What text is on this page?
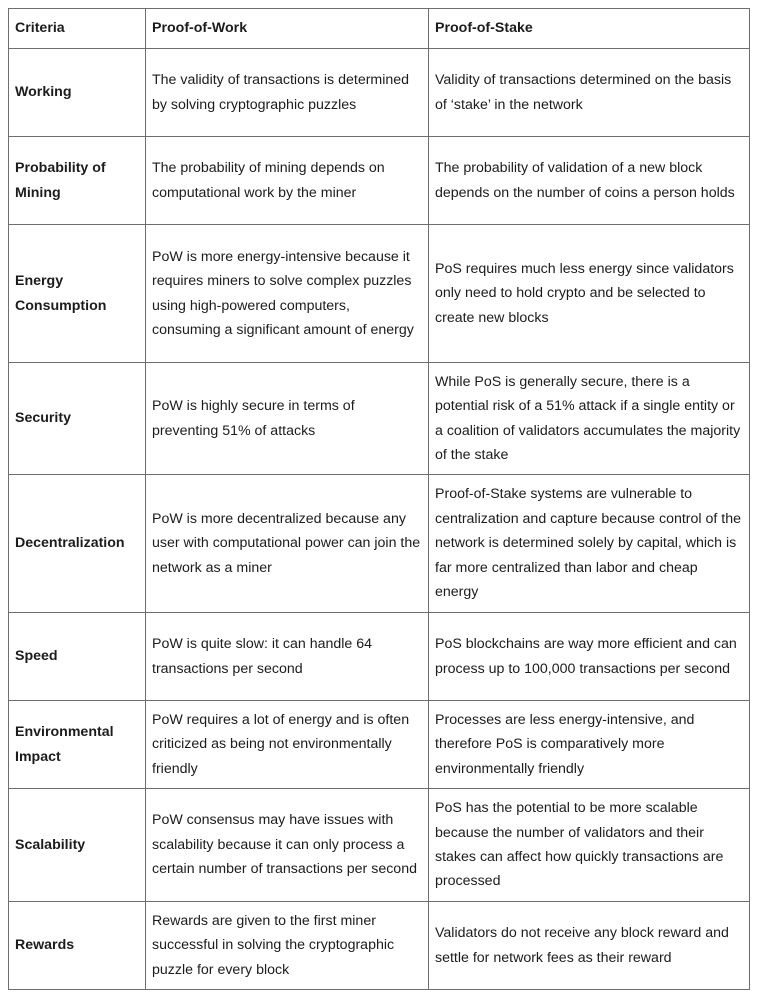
Criteria	Proof-of-Work	Proof-of-Stake
Working	The validity of transactions is determined by solving cryptographic puzzles	Validity of transactions determined on the basis of ‘stake’ in the network
Probability of Mining	The probability of mining depends on computational work by the miner	The probability of validation of a new block depends on the number of coins a person holds
Energy Consumption	PoW is more energy-intensive because it requires miners to solve complex puzzles using high-powered computers, consuming a significant amount of energy	PoS requires much less energy since validators only need to hold crypto and be selected to create new blocks
Security	PoW is highly secure in terms of preventing 51% of attacks	While PoS is generally secure, there is a potential risk of a 51% attack if a single entity or a coalition of validators accumulates the majority of the stake
Decentralization	PoW is more decentralized because any user with computational power can join the network as a miner	Proof-of-Stake systems are vulnerable to centralization and capture because control of the network is determined solely by capital, which is far more centralized than labor and cheap energy
Speed	PoW is quite slow: it can handle 64 transactions per second	PoS blockchains are way more efficient and can process up to 100,000 transactions per second
Environmental Impact	PoW requires a lot of energy and is often criticized as being not environmentally friendly	Processes are less energy-intensive, and therefore PoS is comparatively more environmentally friendly
Scalability	PoW consensus may have issues with scalability because it can only process a certain number of transactions per second	PoS has the potential to be more scalable because the number of validators and their stakes can affect how quickly transactions are processed
Rewards	Rewards are given to the first miner successful in solving the cryptographic puzzle for every block	Validators do not receive any block reward and settle for network fees as their reward
